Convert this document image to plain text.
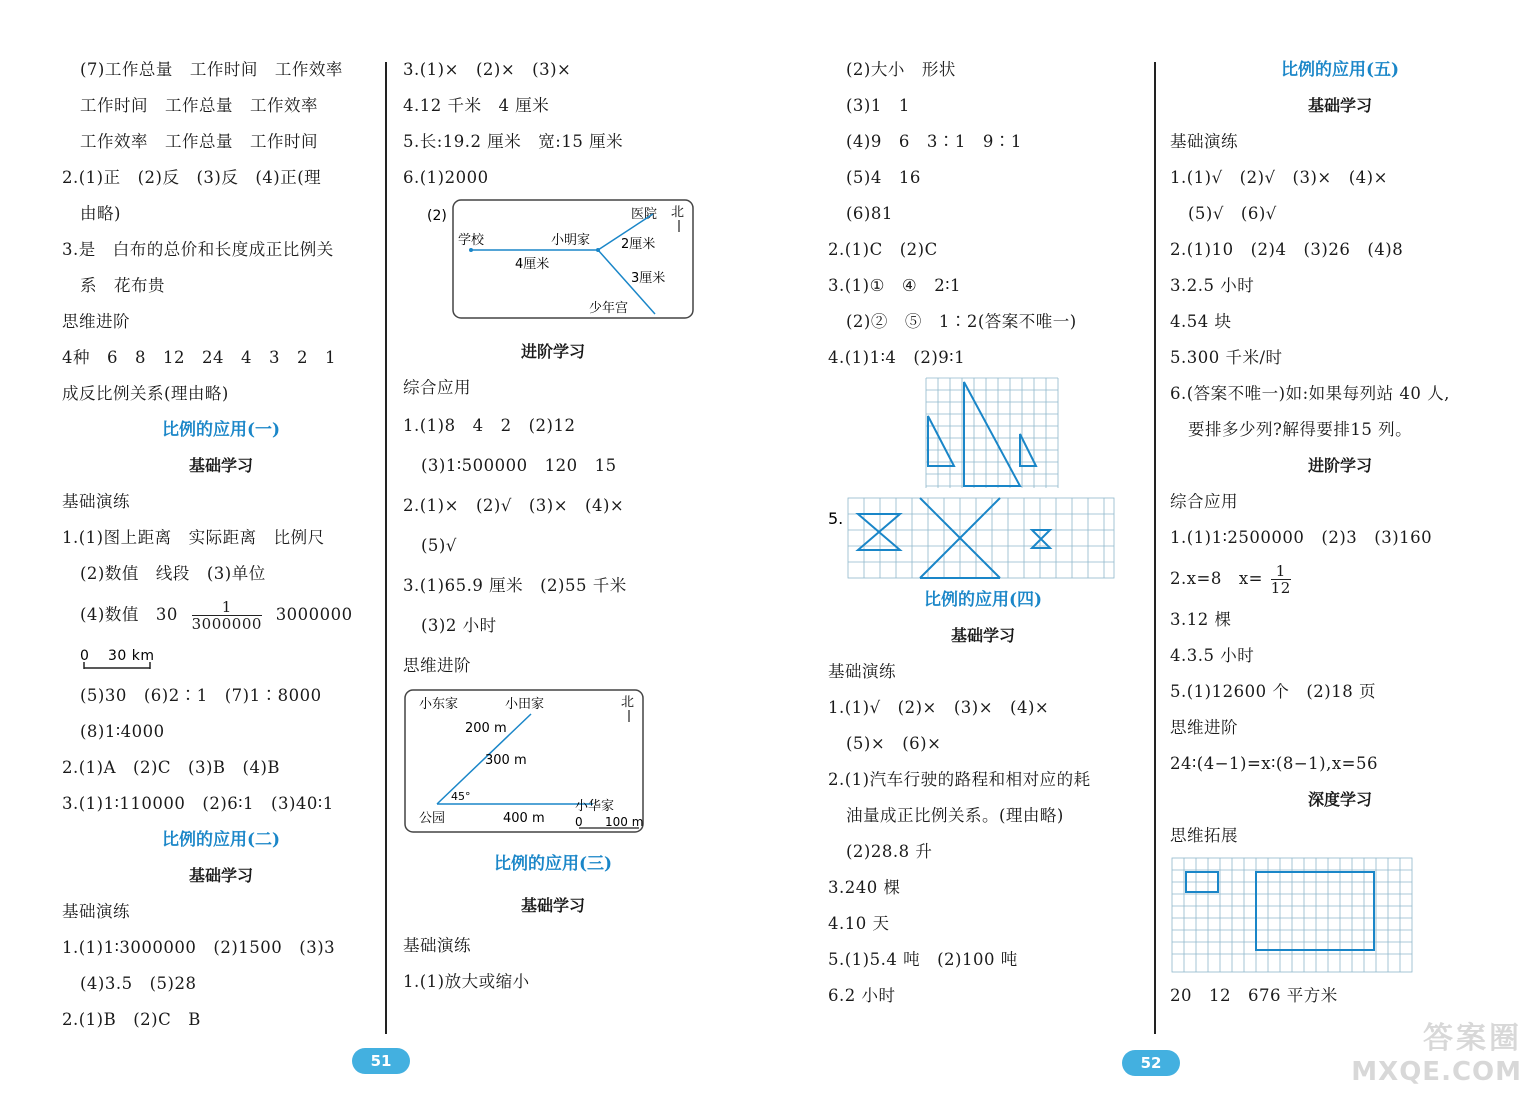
(7)工作总量　工作时间　工作效率
工作时间　工作总量　工作效率
工作效率　工作总量　工作时间
2.(1)正　(2)反　(3)反　(4)正(理
由略)
3.是　白布的总价和长度成正比例关
系　花布贵
思维进阶
4种　6　8　12　24　4　3　2　1
成反比例关系(理由略)
比例的应用(一)
基础学习
基础演练
1.(1)图上距离　实际距离　比例尺
(2)数值　线段　(3)单位
(4)数值　$30 \frac{1}{3000000} 3000000$
0 30 km
(5)30　(6)2∶1　(7)1∶8000
(8)1∶4000
2.(1)A　(2)C　(3)B　(4)B
3.(1)1∶110000　(2)6∶1　(3)40∶1
比例的应用(二)
基础学习
基础演练
1.(1)1∶3000000　(2)1500　(3)3
(4)3.5　(5)28
2.(1)B　(2)C　B
3.(1)×　(2)×　(3)×
4.12 千米　4 厘米
5.长:19.2 厘米　宽:15 厘米
6.(1)2000
(2)
学校	小明家
医院 北
2厘米
4厘米
3厘米
少年宫
进阶学习
综合应用
1.(1)8　4　2　(2)12
(3)1∶500000　120　15
2.(1)×　(2)√　(3)×　(4)×
(5)√
3.(1)65.9 厘米　(2)55 千米
(3)2 小时
思维进阶
小东家	小田家	北
200 m
300 m
45°
公园	400 m
小华家
0 100 m
比例的应用(三)
基础学习
基础演练
1.(1)放大或缩小
(2)大小　形状
(3)1　1
(4)9　6　3∶1　9∶1
(5)4　16
(6)81
2.(1)C　(2)C
3.(1)①　④　2∶1
(2)②　⑤　1∶2(答案不唯一)
4.(1)1∶4　(2)9∶1
5.
比例的应用(四)
基础学习
基础演练
1.(1)√　(2)×　(3)×　(4)×
(5)×　(6)×
2.(1)汽车行驶的路程和相对应的耗
油量成正比例关系。(理由略)
(2)28.8 升
3.240 棵
4.10 天
5.(1)5.4 吨　(2)100 吨
6.2 小时
比例的应用(五)
基础学习
基础演练
1.(1)√　(2)√　(3)×　(4)×
(5)√　(6)√
2.(1)10　(2)4　(3)26　(4)8
3.2.5 小时
4.54 块
5.300 千米/时
6.(答案不唯一)如:如果每列站 40 人,
要排多少列?解得要排15 列。
进阶学习
综合应用
1.(1)1∶2500000　(2)3　(3)160
2.x=8　$x= \frac{1}{12}$
3.12 棵
4.3.5 小时
5.(1)12600 个　(2)18 页
思维进阶
24∶(4−1)=x∶(8−1),x=56
深度学习
思维拓展
20　12　676 平方米
51	52
答案圈
MXQE.COM
